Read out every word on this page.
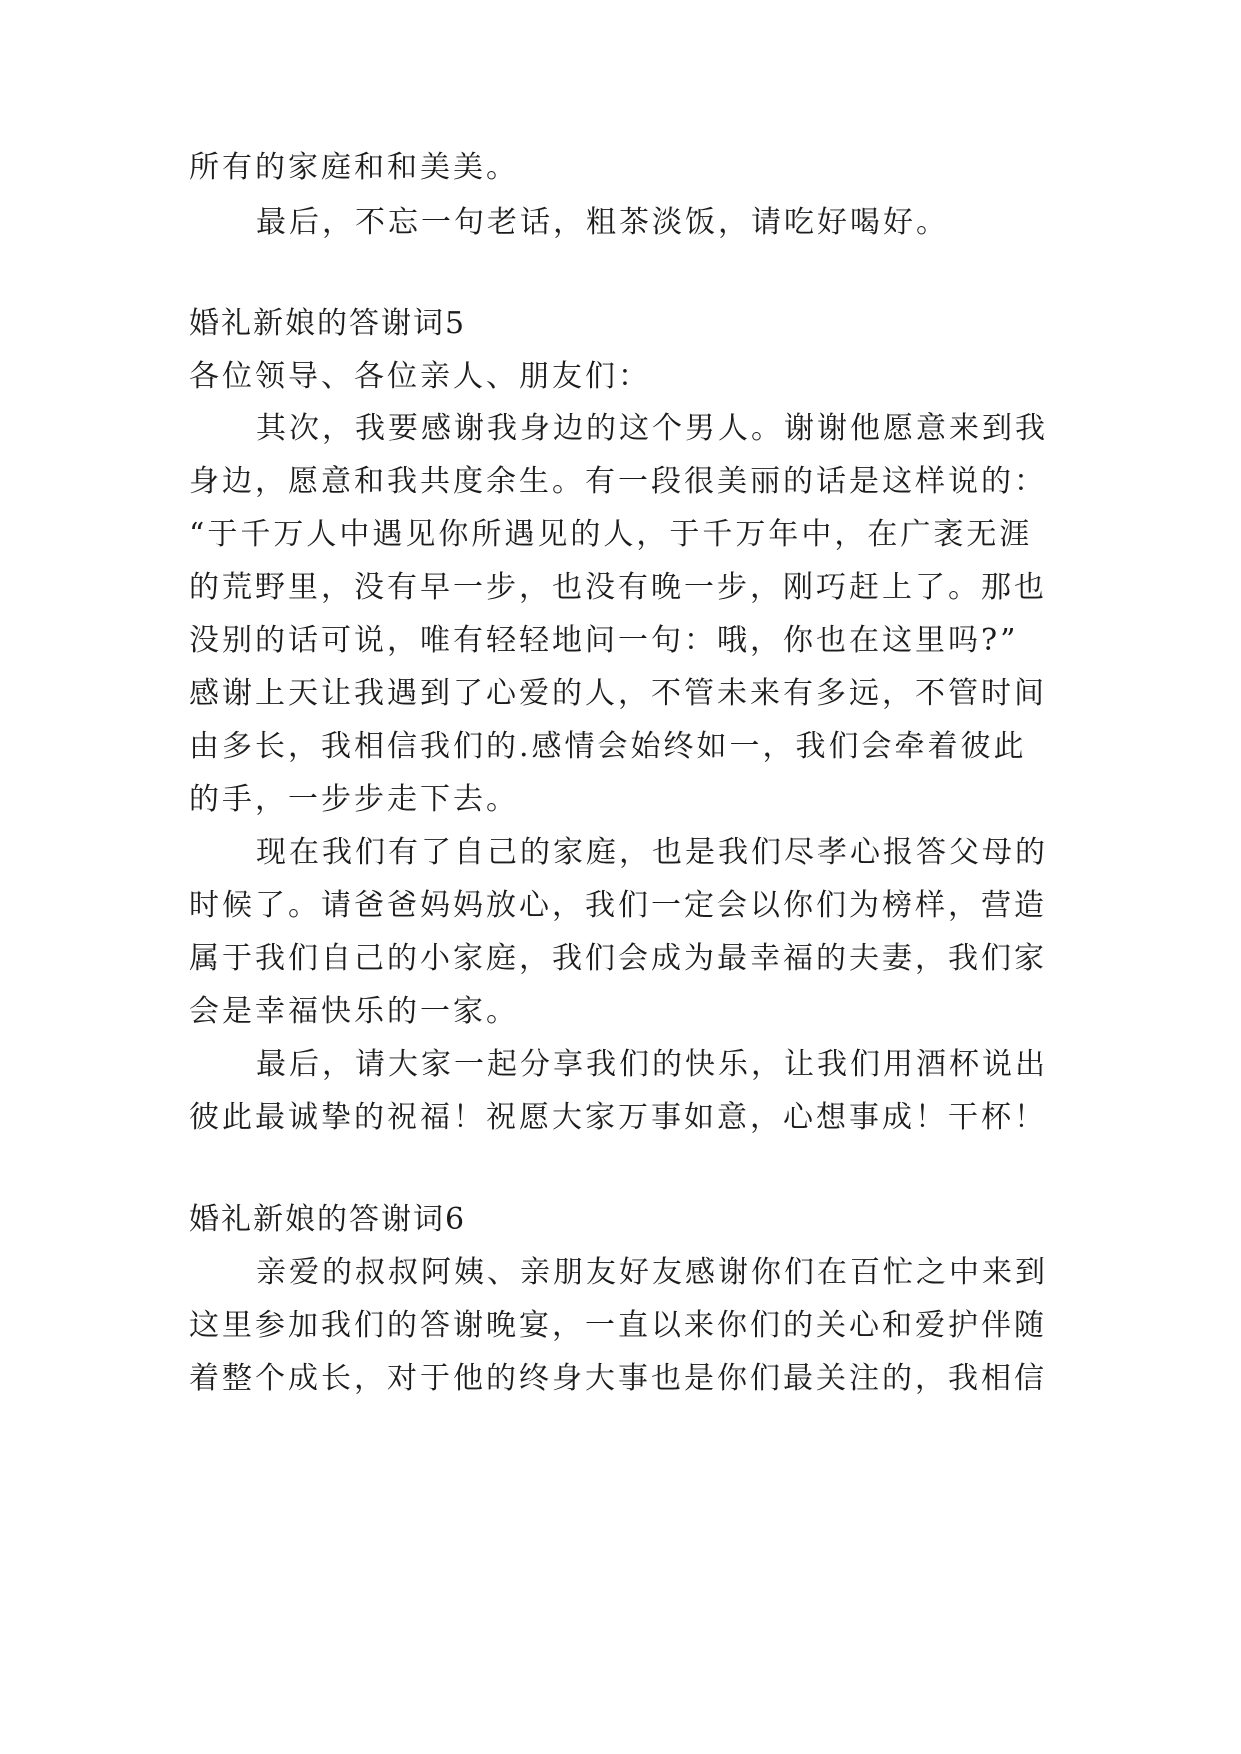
所有的家庭和和美美。
最后，不忘一句老话，粗茶淡饭，请吃好喝好。
婚礼新娘的答谢词5
各位领导、各位亲人、朋友们：
其次，我要感谢我身边的这个男人。谢谢他愿意来到我
身边，愿意和我共度余生。有一段很美丽的话是这样说的：
“于千万人中遇见你所遇见的人，于千万年中，在广袤无涯
的荒野里，没有早一步，也没有晚一步，刚巧赶上了。那也
没别的话可说，唯有轻轻地问一句：哦，你也在这里吗?”
感谢上天让我遇到了心爱的人，不管未来有多远，不管时间
由多长，我相信我们的.感情会始终如一，我们会牵着彼此
的手，一步步走下去。
现在我们有了自己的家庭，也是我们尽孝心报答父母的
时候了。请爸爸妈妈放心，我们一定会以你们为榜样，营造
属于我们自己的小家庭，我们会成为最幸福的夫妻，我们家
会是幸福快乐的一家。
最后，请大家一起分享我们的快乐，让我们用酒杯说出
彼此最诚挚的祝福！祝愿大家万事如意，心想事成！干杯！
婚礼新娘的答谢词6
亲爱的叔叔阿姨、亲朋友好友感谢你们在百忙之中来到
这里参加我们的答谢晚宴，一直以来你们的关心和爱护伴随
着整个成长，对于他的终身大事也是你们最关注的，我相信
